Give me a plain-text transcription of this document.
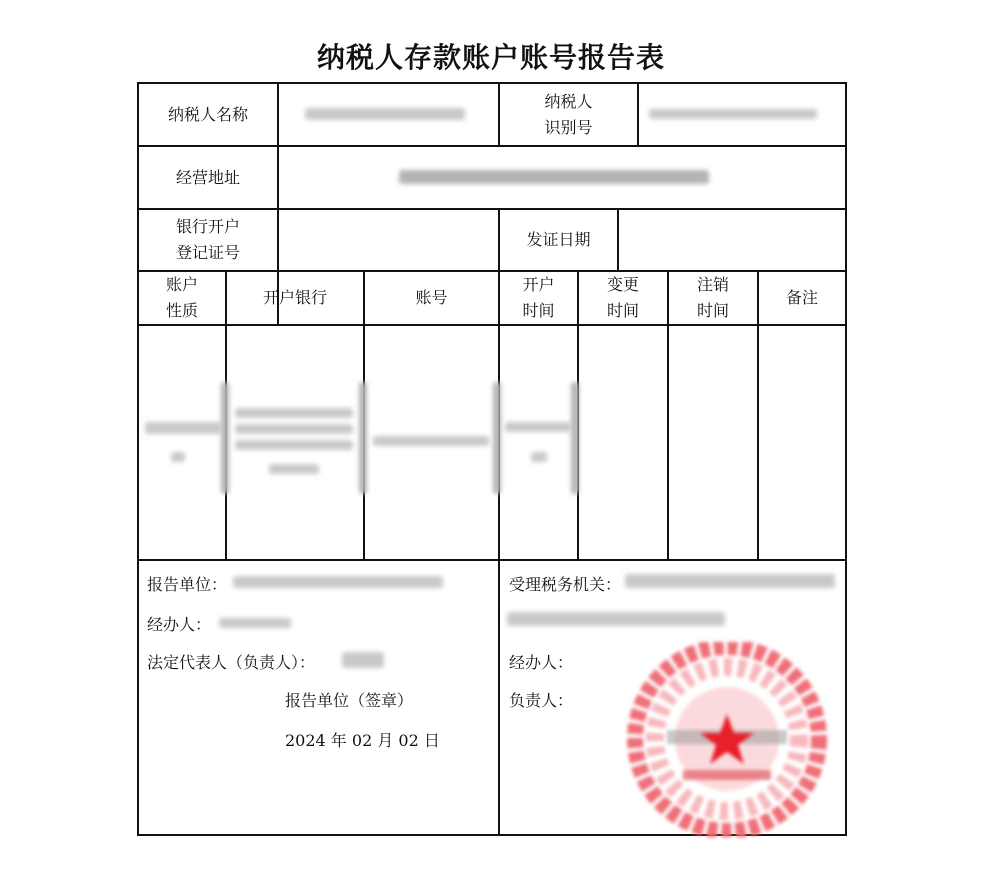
纳税人存款账户账号报告表
纳税人名称
纳税人
识别号
经营地址
银行开户
登记证号
发证日期
账户
性质
开户银行	账号
开户
时间
变更
时间
注销
时间
备注
报告单位：
经办人：
法定代表人（负责人）：
报告单位（签章）
2024 年 02 月 02 日
受理税务机关：
经办人：
负责人：
